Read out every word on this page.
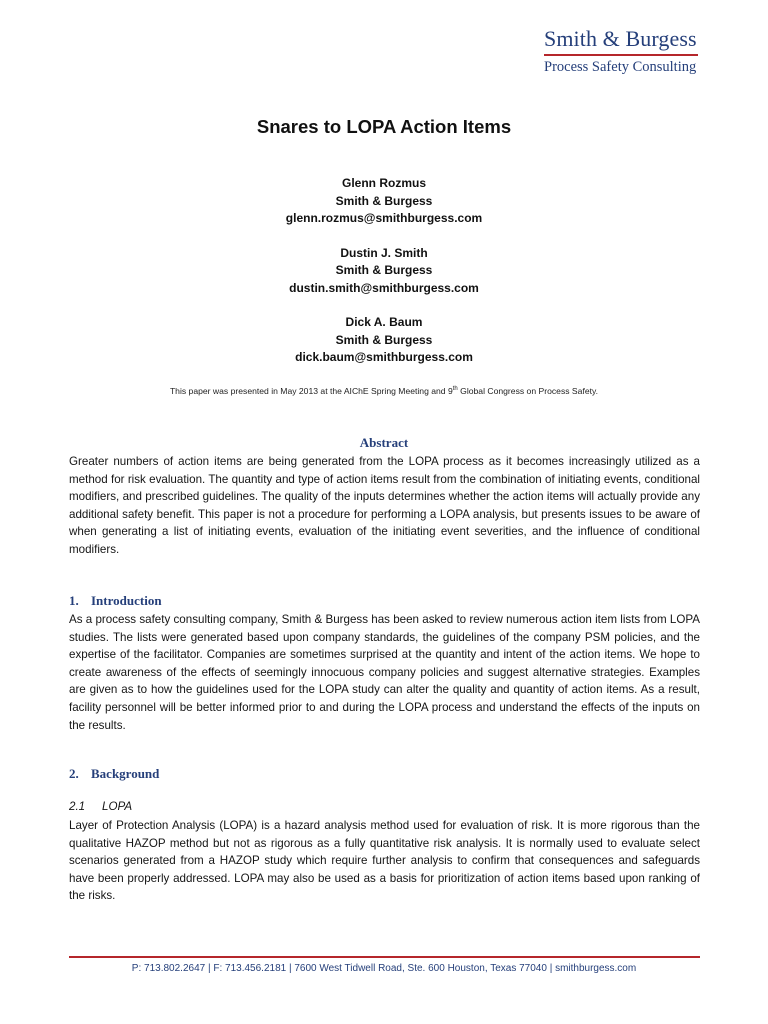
Smith & Burgess
Process Safety Consulting
Snares to LOPA Action Items
Glenn Rozmus
Smith & Burgess
glenn.rozmus@smithburgess.com
Dustin J. Smith
Smith & Burgess
dustin.smith@smithburgess.com
Dick A. Baum
Smith & Burgess
dick.baum@smithburgess.com
This paper was presented in May 2013 at the AIChE Spring Meeting and 9th Global Congress on Process Safety.
Abstract
Greater numbers of action items are being generated from the LOPA process as it becomes increasingly utilized as a method for risk evaluation. The quantity and type of action items result from the combination of initiating events, conditional modifiers, and prescribed guidelines. The quality of the inputs determines whether the action items will actually provide any additional safety benefit. This paper is not a procedure for performing a LOPA analysis, but presents issues to be aware of when generating a list of initiating events, evaluation of the initiating event severities, and the influence of conditional modifiers.
1. Introduction
As a process safety consulting company, Smith & Burgess has been asked to review numerous action item lists from LOPA studies. The lists were generated based upon company standards, the guidelines of the company PSM policies, and the expertise of the facilitator. Companies are sometimes surprised at the quantity and intent of the action items. We hope to create awareness of the effects of seemingly innocuous company policies and suggest alternative strategies. Examples are given as to how the guidelines used for the LOPA study can alter the quality and quantity of action items. As a result, facility personnel will be better informed prior to and during the LOPA process and understand the effects of the inputs on the results.
2. Background
2.1 LOPA
Layer of Protection Analysis (LOPA) is a hazard analysis method used for evaluation of risk. It is more rigorous than the qualitative HAZOP method but not as rigorous as a fully quantitative risk analysis. It is normally used to evaluate select scenarios generated from a HAZOP study which require further analysis to confirm that consequences and safeguards have been properly addressed. LOPA may also be used as a basis for prioritization of action items based upon ranking of the risks.
P: 713.802.2647 | F: 713.456.2181 | 7600 West Tidwell Road, Ste. 600 Houston, Texas 77040 | smithburgess.com
